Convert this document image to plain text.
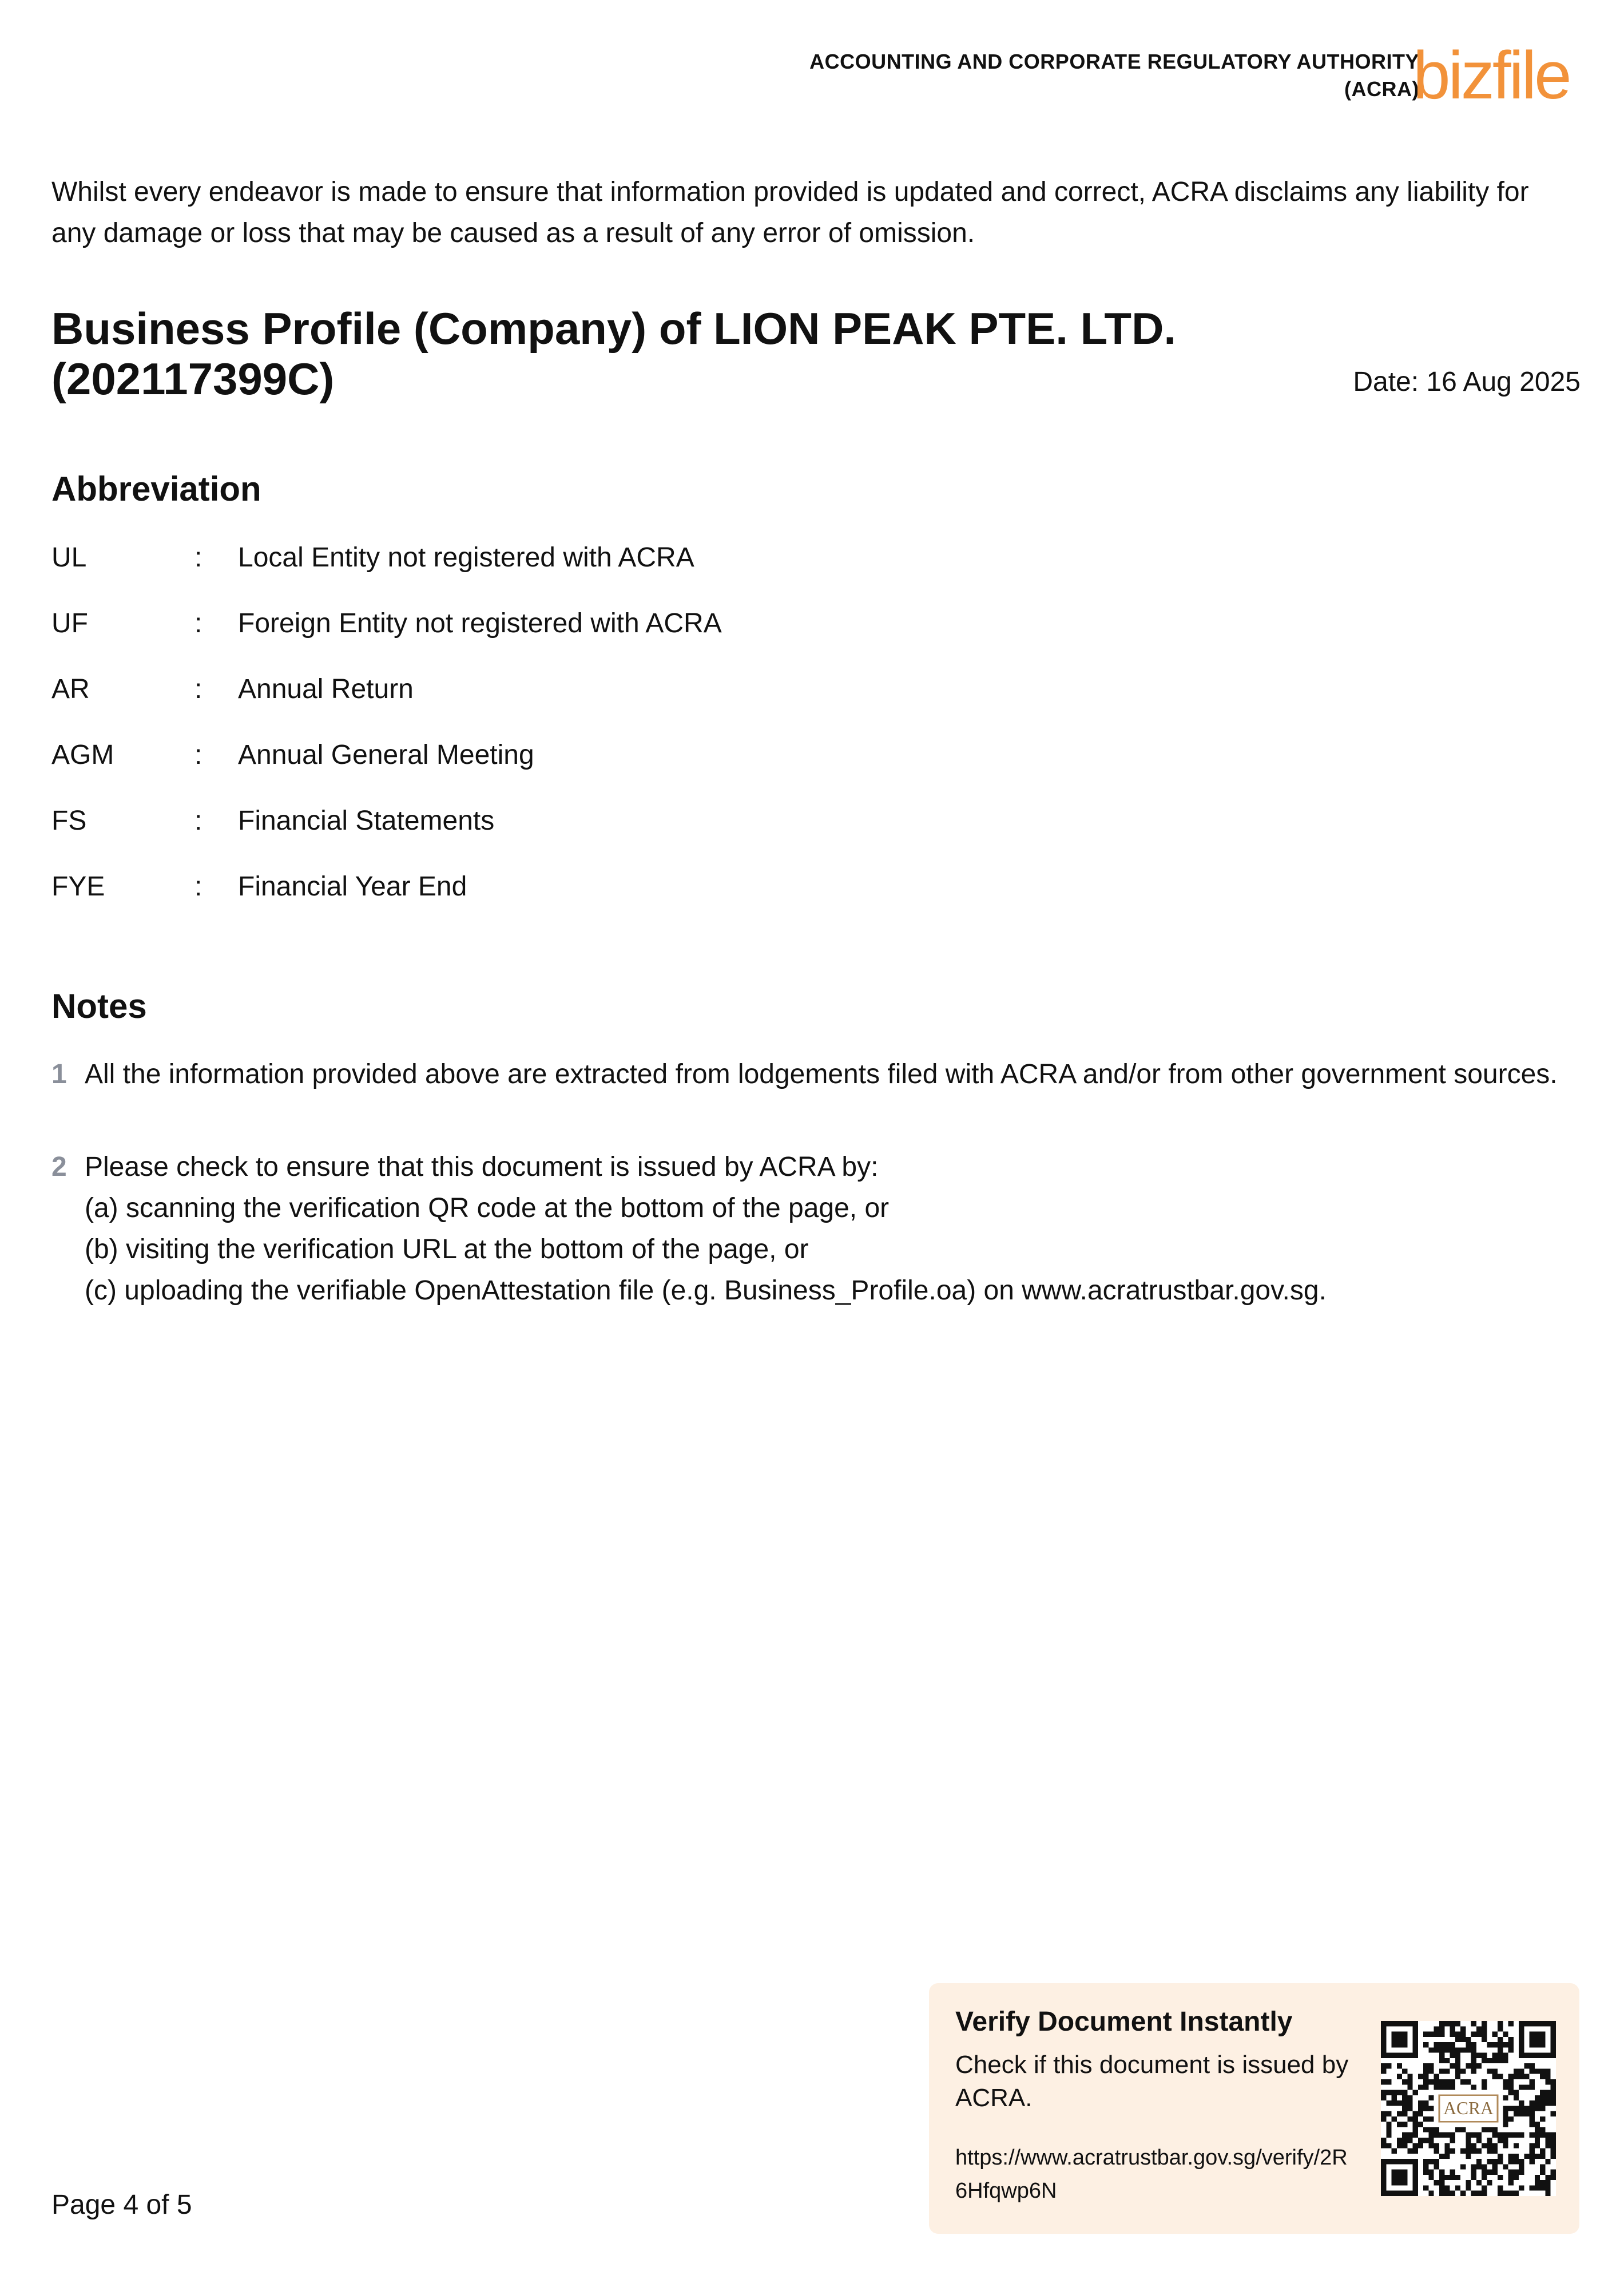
ACCOUNTING AND CORPORATE REGULATORY AUTHORITY
(ACRA)
bizfile
Whilst every endeavor is made to ensure that information provided is updated and correct, ACRA disclaims any liability for any damage or loss that may be caused as a result of any error of omission.
Business Profile (Company) of LION PEAK PTE. LTD.
(202117399C)	Date: 16 Aug 2025
Abbreviation
UL	:	Local Entity not registered with ACRA
UF	:	Foreign Entity not registered with ACRA
AR	:	Annual Return
AGM	:	Annual General Meeting
FS	:	Financial Statements
FYE	:	Financial Year End
Notes
1 All the information provided above are extracted from lodgements filed with ACRA and/or from other government sources.

2 Please check to ensure that this document is issued by ACRA by:

(a) scanning the verification QR code at the bottom of the page, or

(b) visiting the verification URL at the bottom of the page, or

(c) uploading the verifiable OpenAttestation file (e.g. Business_Profile.oa) on www.acratrustbar.gov.sg.

Page 4 of 5
Verify Document Instantly
Check if this document is issued by ACRA.
https://www.acratrustbar.gov.sg/verify/2R6Hfqwp6N
ACRA
